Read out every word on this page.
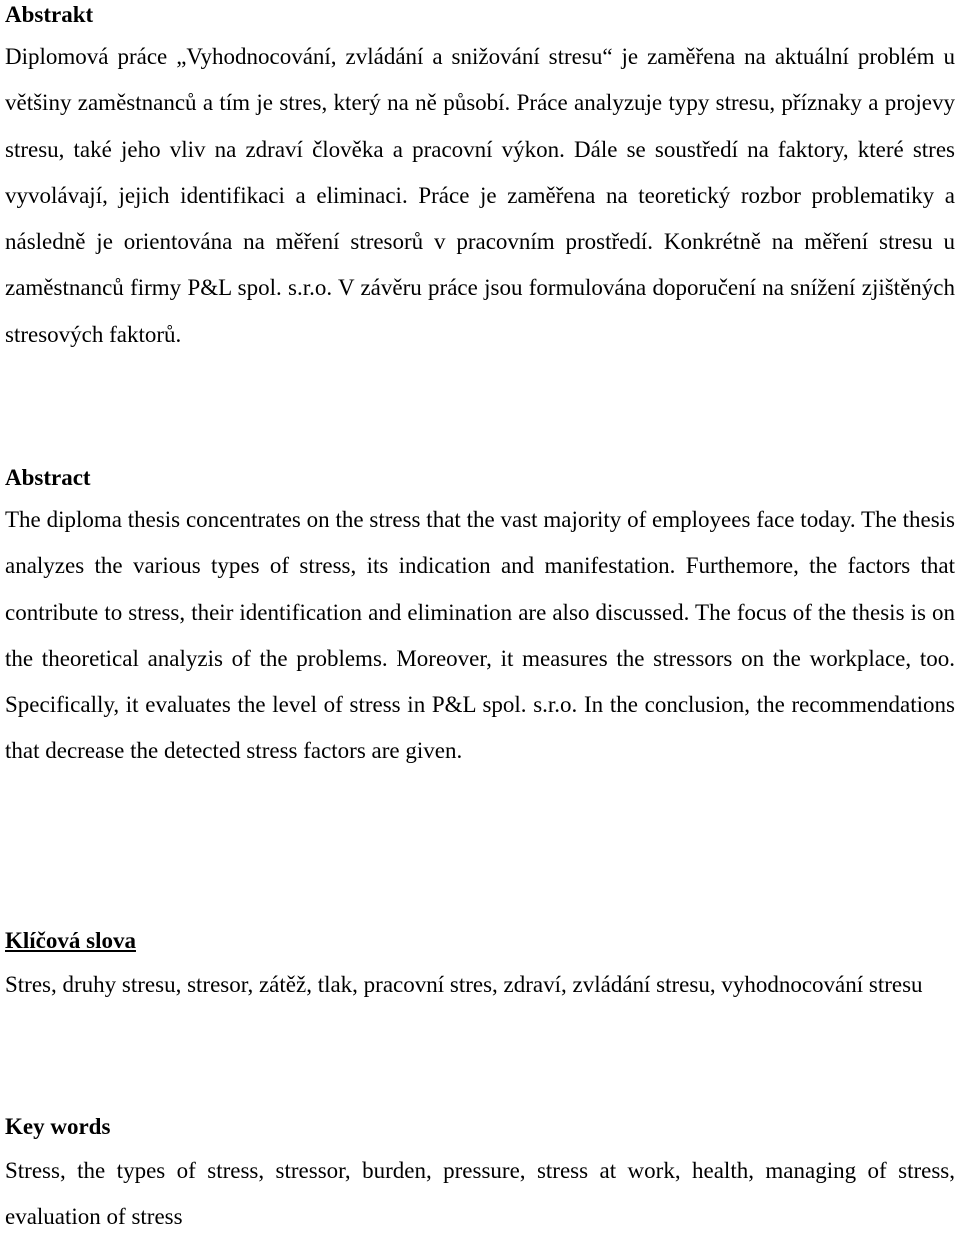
Abstrakt

Diplomová práce „Vyhodnocování, zvládání a snižování stresu“ je zaměřena na aktuální problém u většiny zaměstnanců a tím je stres, který na ně působí. Práce analyzuje typy stresu, příznaky a projevy stresu, také jeho vliv na zdraví člověka a pracovní výkon. Dále se soustředí na faktory, které stres vyvolávají, jejich identifikaci a eliminaci. Práce je zaměřena na teoretický rozbor problematiky a následně je orientována na měření stresorů v pracovním prostředí. Konkrétně na měření stresu u zaměstnanců firmy P&L spol. s.r.o. V závěru práce jsou formulována doporučení na snížení zjištěných stresových faktorů.

Abstract

The diploma thesis concentrates on the stress that the vast majority of employees face today. The thesis analyzes the various types of stress, its indication and manifestation. Furthemore, the factors that contribute to stress, their identification and elimination are also discussed. The focus of the thesis is on the theoretical analyzis of the problems. Moreover, it measures the stressors on the workplace, too. Specifically, it evaluates the level of stress in P&L spol. s.r.o. In the conclusion, the recommendations that decrease the detected stress factors are given.

Klíčová slova

Stres, druhy stresu, stresor, zátěž, tlak, pracovní stres, zdraví, zvládání stresu, vyhodnocování stresu

Key words

Stress, the types of stress, stressor, burden, pressure, stress at work, health, managing of stress, evaluation of stress
